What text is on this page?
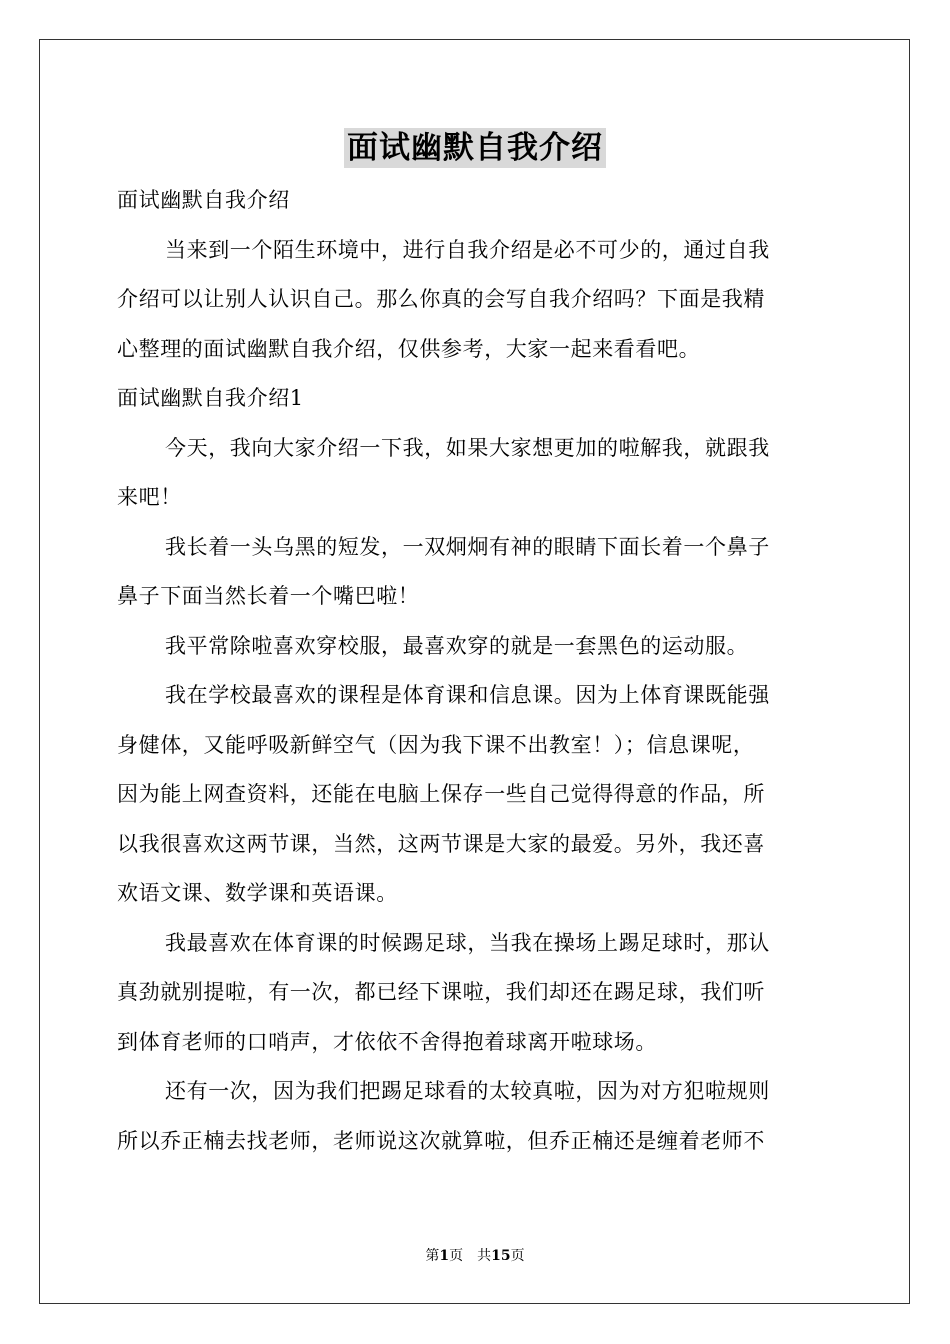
面试幽默自我介绍
面试幽默自我介绍
当来到一个陌生环境中，进行自我介绍是必不可少的，通过自我
介绍可以让别人认识自己。那么你真的会写自我介绍吗？下面是我精
心整理的面试幽默自我介绍，仅供参考，大家一起来看看吧。
面试幽默自我介绍1
今天，我向大家介绍一下我，如果大家想更加的啦解我，就跟我
来吧！
我长着一头乌黑的短发，一双炯炯有神的眼睛下面长着一个鼻子
鼻子下面当然长着一个嘴巴啦！
我平常除啦喜欢穿校服，最喜欢穿的就是一套黑色的运动服。
我在学校最喜欢的课程是体育课和信息课。因为上体育课既能强
身健体，又能呼吸新鲜空气（因为我下课不出教室！）；信息课呢，
因为能上网查资料，还能在电脑上保存一些自己觉得得意的作品，所
以我很喜欢这两节课，当然，这两节课是大家的最爱。另外，我还喜
欢语文课、数学课和英语课。
我最喜欢在体育课的时候踢足球，当我在操场上踢足球时，那认
真劲就别提啦，有一次，都已经下课啦，我们却还在踢足球，我们听
到体育老师的口哨声，才依依不舍得抱着球离开啦球场。
还有一次，因为我们把踢足球看的太较真啦，因为对方犯啦规则
所以乔正楠去找老师，老师说这次就算啦，但乔正楠还是缠着老师不
第1页 共15页
